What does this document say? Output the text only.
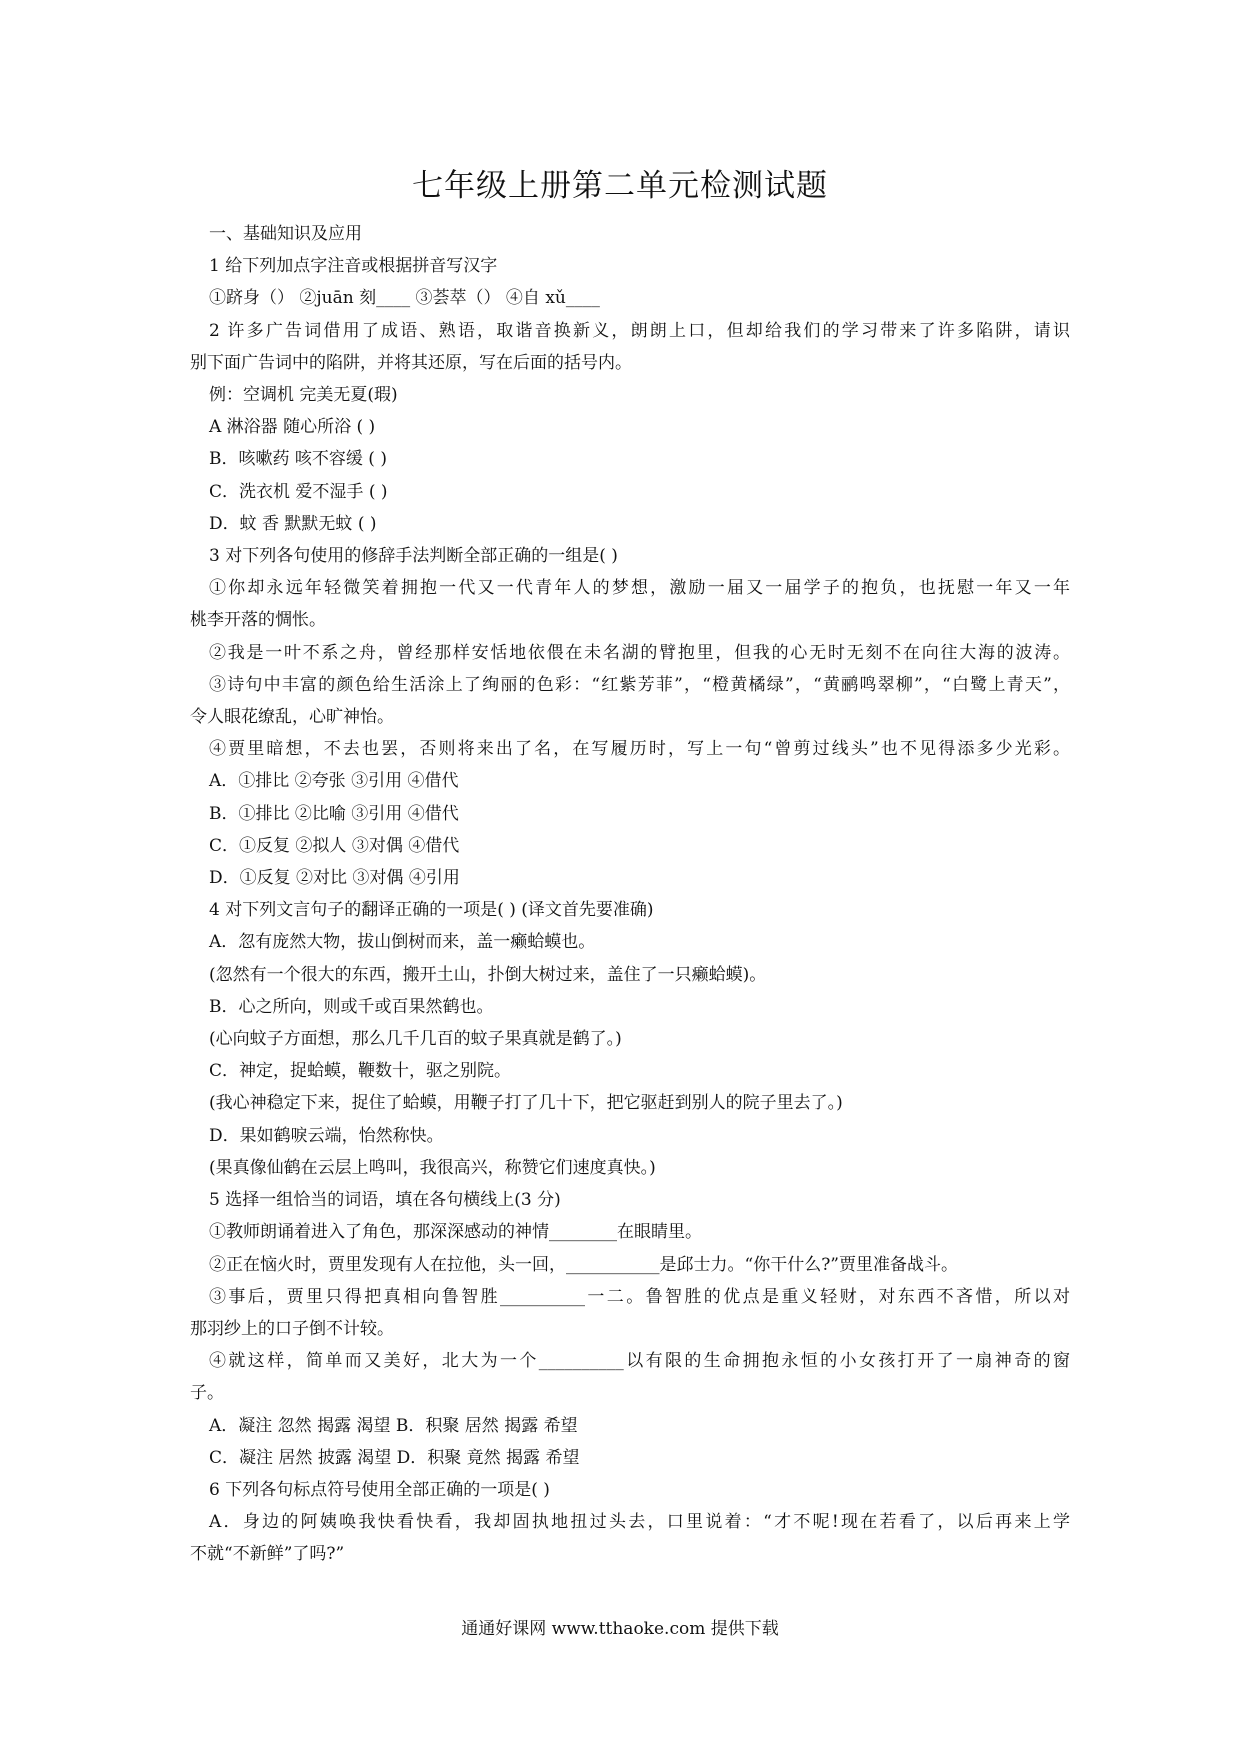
七年级上册第二单元检测试题
一、基础知识及应用
1 给下列加点字注音或根据拼音写汉字
①跻身（） ②juān 刻____ ③荟萃（） ④自 xǔ____
2 许多广告词借用了成语、熟语，取谐音换新义，朗朗上口，但却给我们的学习带来了许多陷阱，请识
别下面广告词中的陷阱，并将其还原，写在后面的括号内。
例：空调机 完美无夏(瑕)
A 淋浴器 随心所浴 ( )
B．咳嗽药 咳不容缓 ( )
C．洗衣机 爱不湿手 ( )
D．蚊 香 默默无蚊 ( )
3 对下列各句使用的修辞手法判断全部正确的一组是( )
①你却永远年轻微笑着拥抱一代又一代青年人的梦想，激励一届又一届学子的抱负，也抚慰一年又一年
桃李开落的惆怅。
②我是一叶不系之舟，曾经那样安恬地依偎在未名湖的臂抱里，但我的心无时无刻不在向往大海的波涛。
③诗句中丰富的颜色给生活涂上了绚丽的色彩：“红紫芳菲”，“橙黄橘绿”，“黄鹂鸣翠柳”，“白鹭上青天”，
令人眼花缭乱，心旷神怡。
④贾里暗想，不去也罢，否则将来出了名，在写履历时，写上一句“曾剪过线头”也不见得添多少光彩。
A．①排比 ②夸张 ③引用 ④借代
B．①排比 ②比喻 ③引用 ④借代
C．①反复 ②拟人 ③对偶 ④借代
D．①反复 ②对比 ③对偶 ④引用
4 对下列文言句子的翻译正确的一项是( ) (译文首先要准确)
A．忽有庞然大物，拔山倒树而来，盖一癞蛤蟆也。
(忽然有一个很大的东西，搬开土山，扑倒大树过来，盖住了一只癞蛤蟆)。
B．心之所向，则或千或百果然鹤也。
(心向蚊子方面想，那么几千几百的蚊子果真就是鹤了。)
C．神定，捉蛤蟆，鞭数十，驱之别院。
(我心神稳定下来，捉住了蛤蟆，用鞭子打了几十下，把它驱赶到别人的院子里去了。)
D．果如鹤唳云端，怡然称快。
(果真像仙鹤在云层上鸣叫，我很高兴，称赞它们速度真快。)
5 选择一组恰当的词语，填在各句横线上(3 分)
①教师朗诵着进入了角色，那深深感动的神情________在眼睛里。
②正在恼火时，贾里发现有人在拉他，头一回，___________是邱士力。“你干什么?”贾里准备战斗。
③事后，贾里只得把真相向鲁智胜__________一二。鲁智胜的优点是重义轻财，对东西不吝惜，所以对
那羽纱上的口子倒不计较。
④就这样，简单而又美好，北大为一个__________以有限的生命拥抱永恒的小女孩打开了一扇神奇的窗
子。
A．凝注 忽然 揭露 渴望 B．积聚 居然 揭露 希望
C．凝注 居然 披露 渴望 D．积聚 竟然 揭露 希望
6 下列各句标点符号使用全部正确的一项是( )
A．身边的阿姨唤我快看快看，我却固执地扭过头去，口里说着：“才不呢!现在若看了，以后再来上学
不就“不新鲜”了吗?”
通通好课网 www.tthaoke.com 提供下载
